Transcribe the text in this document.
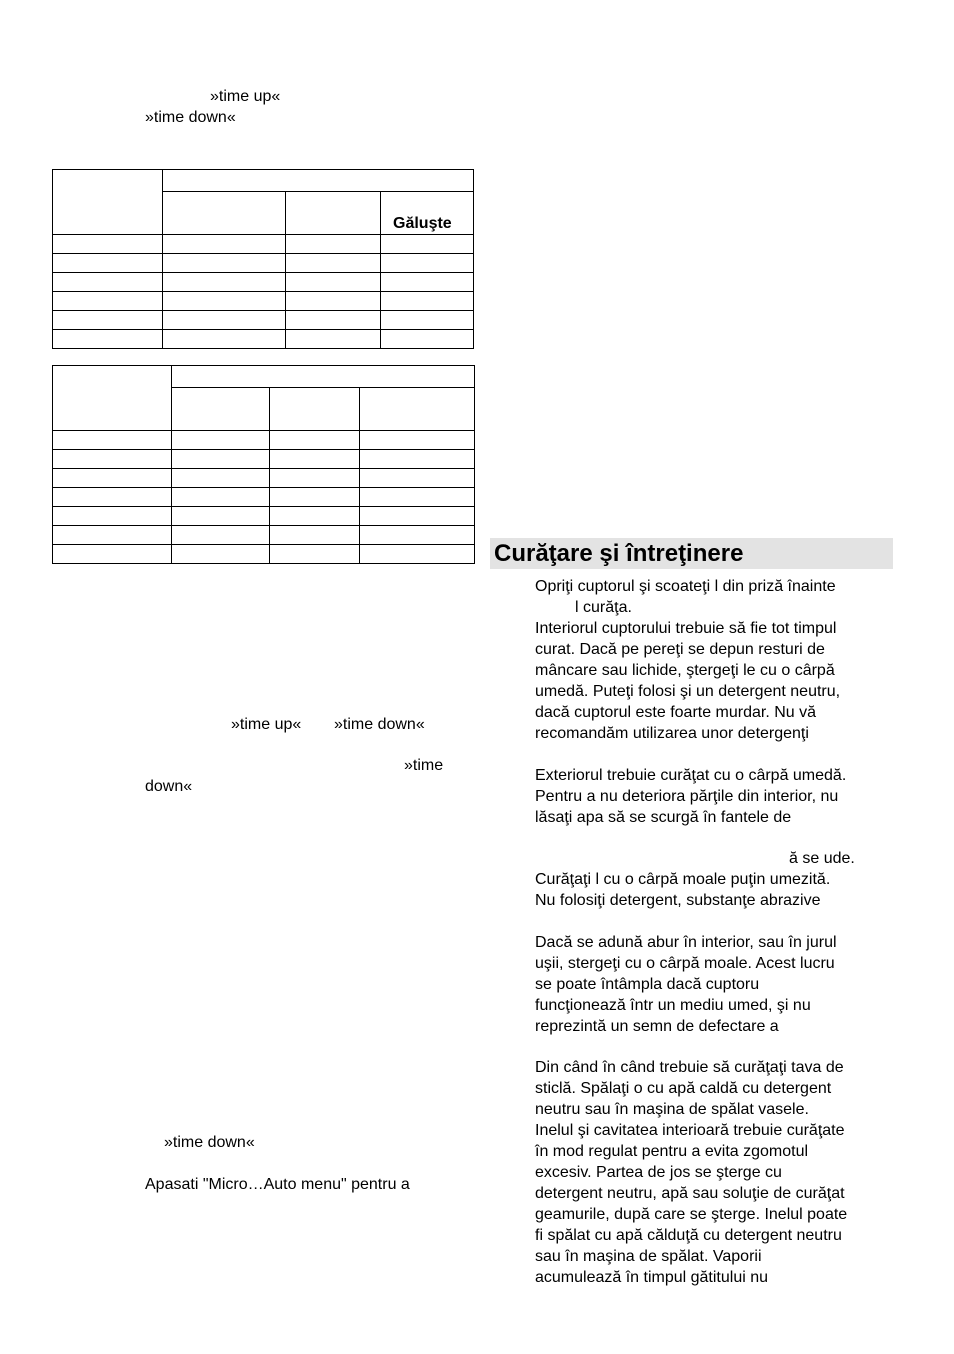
»time up«
»time down«

			Găluşte

»time up« »time down«
»time
down«
»time down«
Apasati "Micro…Auto menu" pentru a
Curăţare şi întreţinere
Opriţi cuptorul şi scoateţi l din priză înainte
l curăţa.
Interiorul cuptorului trebuie să fie tot timpul
curat. Dacă pe pereţi se depun resturi de
mâncare sau lichide, ştergeţi le cu o cârpă
umedă. Puteţi folosi şi un detergent neutru,
dacă cuptorul este foarte murdar. Nu vă
recomandăm utilizarea unor detergenţi
Exteriorul trebuie curăţat cu o cârpă umedă.
Pentru a nu deteriora părţile din interior, nu
lăsaţi apa să se scurgă în fantele de
ă se ude.
Curăţaţi l cu o cârpă moale puţin umezită.
Nu folosiţi detergent, substanţe abrazive
Dacă se adună abur în interior, sau în jurul
uşii, stergeţi cu o cârpă moale. Acest lucru
se poate întâmpla dacă cuptoru
funcţionează într un mediu umed, şi nu
reprezintă un semn de defectare a
Din când în când trebuie să curăţaţi tava de
sticlă. Spălaţi o cu apă caldă cu detergent
neutru sau în maşina de spălat vasele.
Inelul şi cavitatea interioară trebuie curăţate
în mod regulat pentru a evita zgomotul
excesiv. Partea de jos se şterge cu
detergent neutru, apă sau soluţie de curăţat
geamurile, după care se şterge. Inelul poate
fi spălat cu apă călduţă cu detergent neutru
sau în maşina de spălat. Vaporii
acumulează în timpul gătitului nu
